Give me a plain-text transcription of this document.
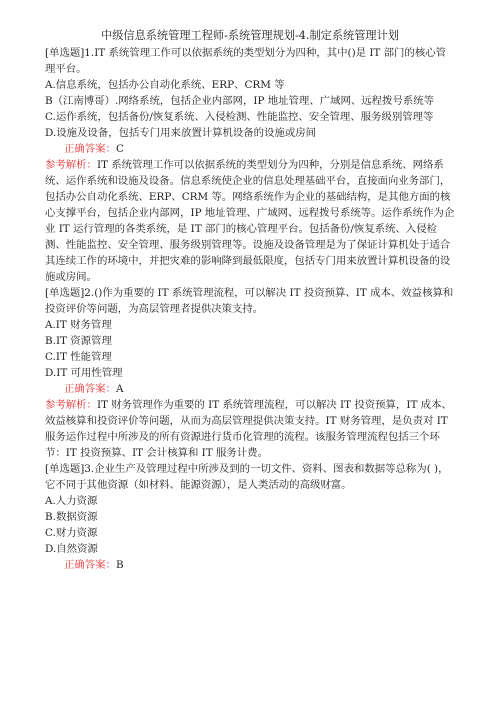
中级信息系统管理工程师-系统管理规划-4.制定系统管理计划

[单选题]1.IT 系统管理工作可以依据系统的类型划分为四种，其中()是 IT 部门的核心管理平台。

A.信息系统，包括办公自动化系统、ERP、CRM 等

B（江南博哥）.网络系统，包括企业内部网，IP 地址管理、广域网、远程拨号系统等

C.运作系统，包括备份/恢复系统、入侵检测、性能监控、安全管理、服务级别管理等

D.设施及设备，包括专门用来放置计算机设备的设施或房间

正确答案：C

参考解析：IT 系统管理工作可以依据系统的类型划分为四种，分别是信息系统、网络系统、运作系统和设施及设备。信息系统使企业的信息处理基础平台，直接面向业务部门，包括办公自动化系统、ERP、CRM 等。网络系统作为企业的基础结构，是其他方面的核心支撑平台，包括企业内部网，IP 地址管理、广域网、远程拨号系统等。运作系统作为企业 IT 运行管理的各类系统，是 IT 部门的核心管理平台。包括备份/恢复系统、入侵检测、性能监控、安全管理、服务级别管理等。设施及设备管理是为了保证计算机处于适合其连续工作的环境中，并把灾难的影响降到最低限度，包括专门用来放置计算机设备的设施或房间。

[单选题]2.()作为重要的 IT 系统管理流程，可以解决 IT 投资预算、IT 成本、效益核算和投资评价等问题，为高层管理者提供决策支持。

A.IT 财务管理

B.IT 资源管理

C.IT 性能管理

D.IT 可用性管理

正确答案：A

参考解析：IT 财务管理作为重要的 IT 系统管理流程，可以解决 IT 投资预算，IT 成本、效益核算和投资评价等问题，从而为高层管理提供决策支持。IT 财务管理，是负责对 IT 服务运作过程中所涉及的所有资源进行货币化管理的流程。该服务管理流程包括三个环节：IT 投资预算、IT 会计核算和 IT 服务计费。

[单选题]3.企业生产及管理过程中所涉及到的一切文件、资料、图表和数据等总称为( )，它不同于其他资源（如材料、能源资源），是人类活动的高级财富。

A.人力资源

B.数据资源

C.财力资源

D.自然资源

正确答案：B
